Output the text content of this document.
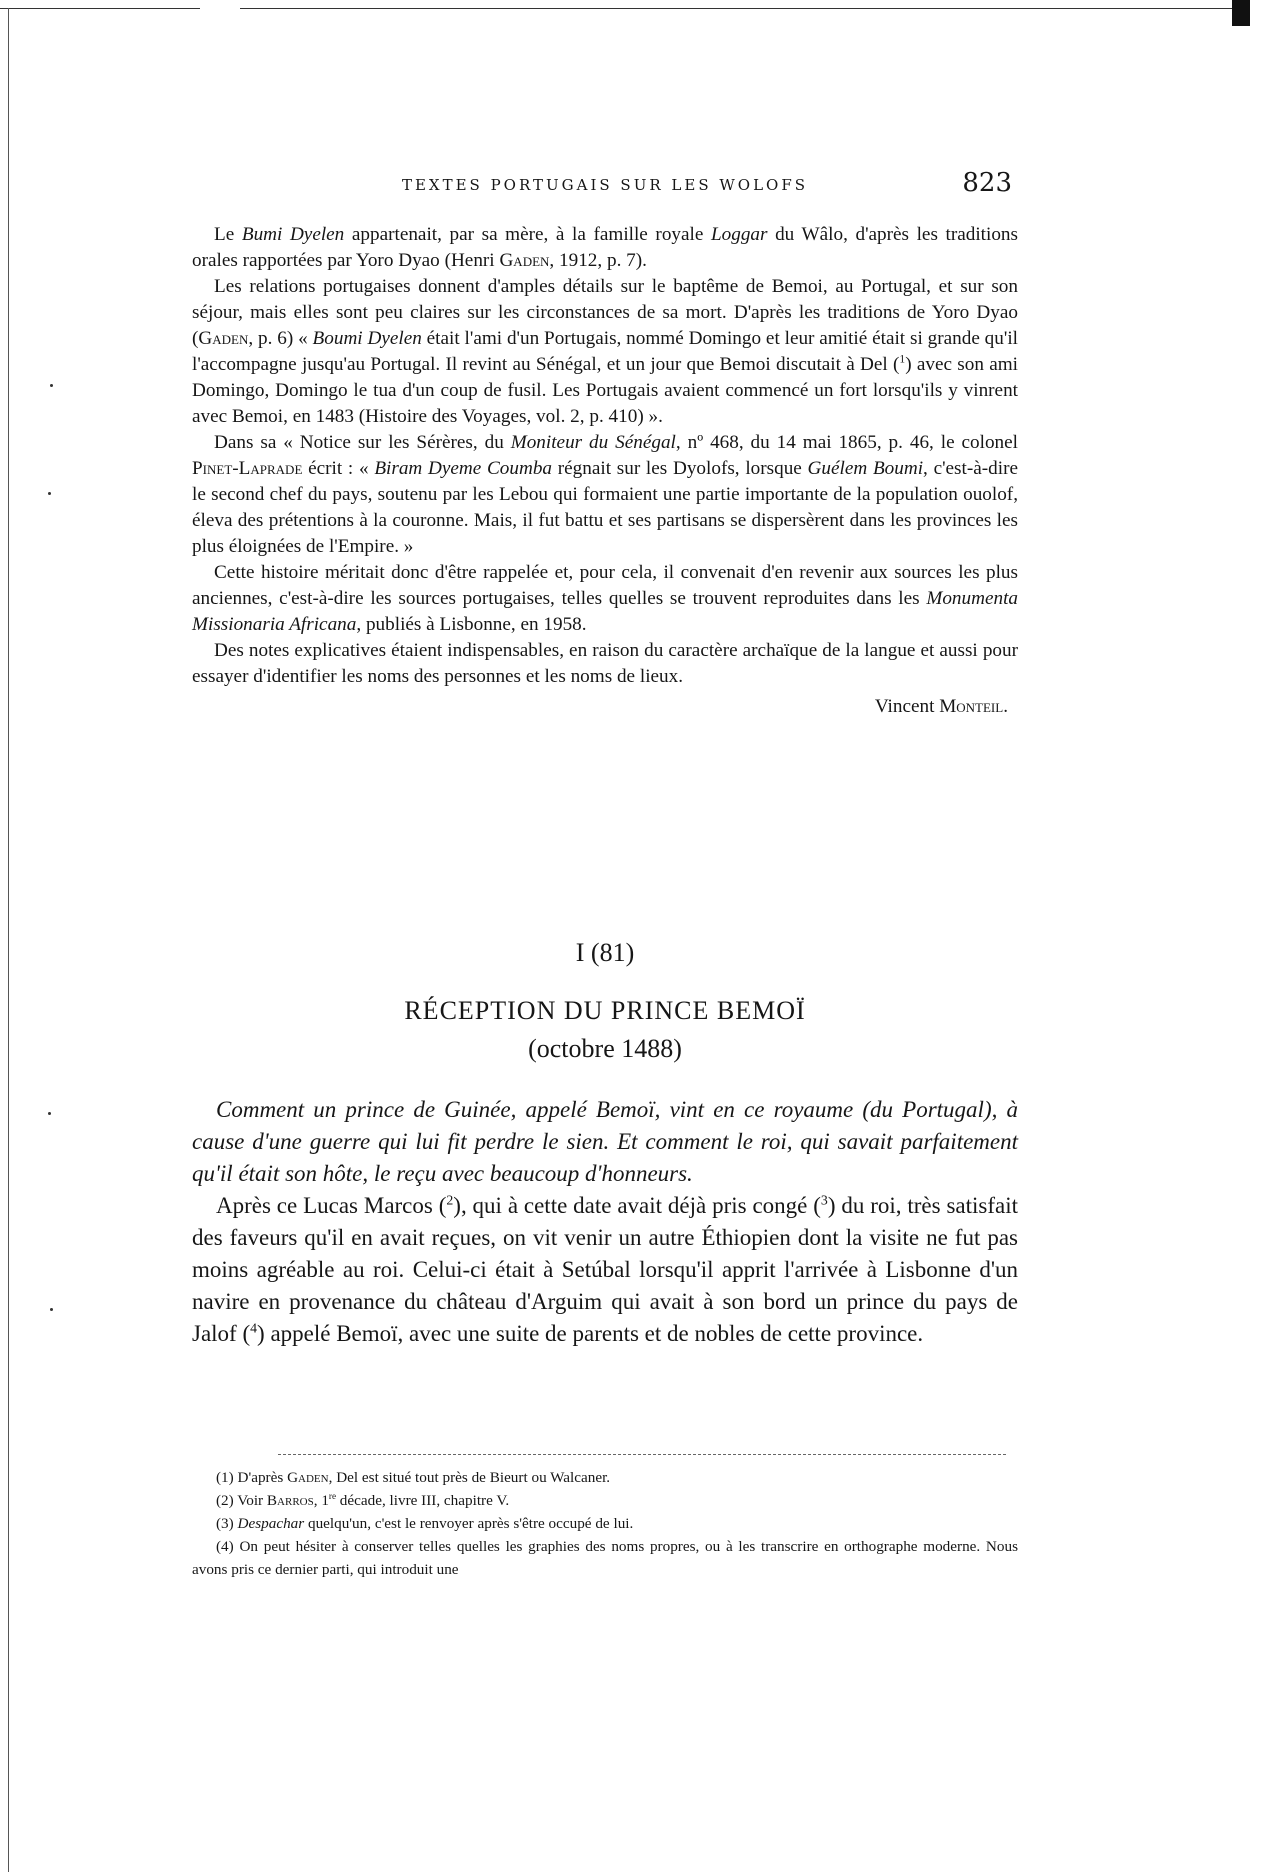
TEXTES PORTUGAIS SUR LES WOLOFS	823

Le Bumi Dyelen appartenait, par sa mère, à la famille royale Loggar du Wâlo, d'après les traditions orales rapportées par Yoro Dyao (Henri Gaden, 1912, p. 7).

Les relations portugaises donnent d'amples détails sur le baptême de Bemoi, au Portugal, et sur son séjour, mais elles sont peu claires sur les circonstances de sa mort. D'après les traditions de Yoro Dyao (Gaden, p. 6) « Boumi Dyelen était l'ami d'un Portugais, nommé Domingo et leur amitié était si grande qu'il l'accompagne jusqu'au Portugal. Il revint au Sénégal, et un jour que Bemoi discutait à Del ($^1$) avec son ami Domingo, Domingo le tua d'un coup de fusil. Les Portugais avaient commencé un fort lorsqu'ils y vinrent avec Bemoi, en 1483 (Histoire des Voyages, vol. 2, p. 410) ».

Dans sa « Notice sur les Sérères, du Moniteur du Sénégal, nº 468, du 14 mai 1865, p. 46, le colonel Pinet-Laprade écrit : « Biram Dyeme Coumba régnait sur les Dyolofs, lorsque Guélem Boumi, c'est-à-dire le second chef du pays, soutenu par les Lebou qui formaient une partie importante de la population ouolof, éleva des prétentions à la couronne. Mais, il fut battu et ses partisans se dispersèrent dans les provinces les plus éloignées de l'Empire. »

Cette histoire méritait donc d'être rappelée et, pour cela, il convenait d'en revenir aux sources les plus anciennes, c'est-à-dire les sources portugaises, telles quelles se trouvent reproduites dans les Monumenta Missionaria Africana, publiés à Lisbonne, en 1958.

Des notes explicatives étaient indispensables, en raison du caractère archaïque de la langue et aussi pour essayer d'identifier les noms des personnes et les noms de lieux.

Vincent Monteil.

I (81)
RÉCEPTION DU PRINCE BEMOÏ
(octobre 1488)

Comment un prince de Guinée, appelé Bemoï, vint en ce royaume (du Portugal), à cause d'une guerre qui lui fit perdre le sien. Et comment le roi, qui savait parfaitement qu'il était son hôte, le reçu avec beaucoup d'honneurs.

Après ce Lucas Marcos ($^2$), qui à cette date avait déjà pris congé ($^3$) du roi, très satisfait des faveurs qu'il en avait reçues, on vit venir un autre Éthiopien dont la visite ne fut pas moins agréable au roi. Celui-ci était à Setúbal lorsqu'il apprit l'arrivée à Lisbonne d'un navire en provenance du château d'Arguim qui avait à son bord un prince du pays de Jalof ($^4$) appelé Bemoï, avec une suite de parents et de nobles de cette province.

(1) D'après Gaden, Del est situé tout près de Bieurt ou Walcaner.

(2) Voir Barros, 1re décade, livre III, chapitre V.

(3) Despachar quelqu'un, c'est le renvoyer après s'être occupé de lui.

(4) On peut hésiter à conserver telles quelles les graphies des noms propres, ou à les transcrire en orthographe moderne. Nous avons pris ce dernier parti, qui introduit une
